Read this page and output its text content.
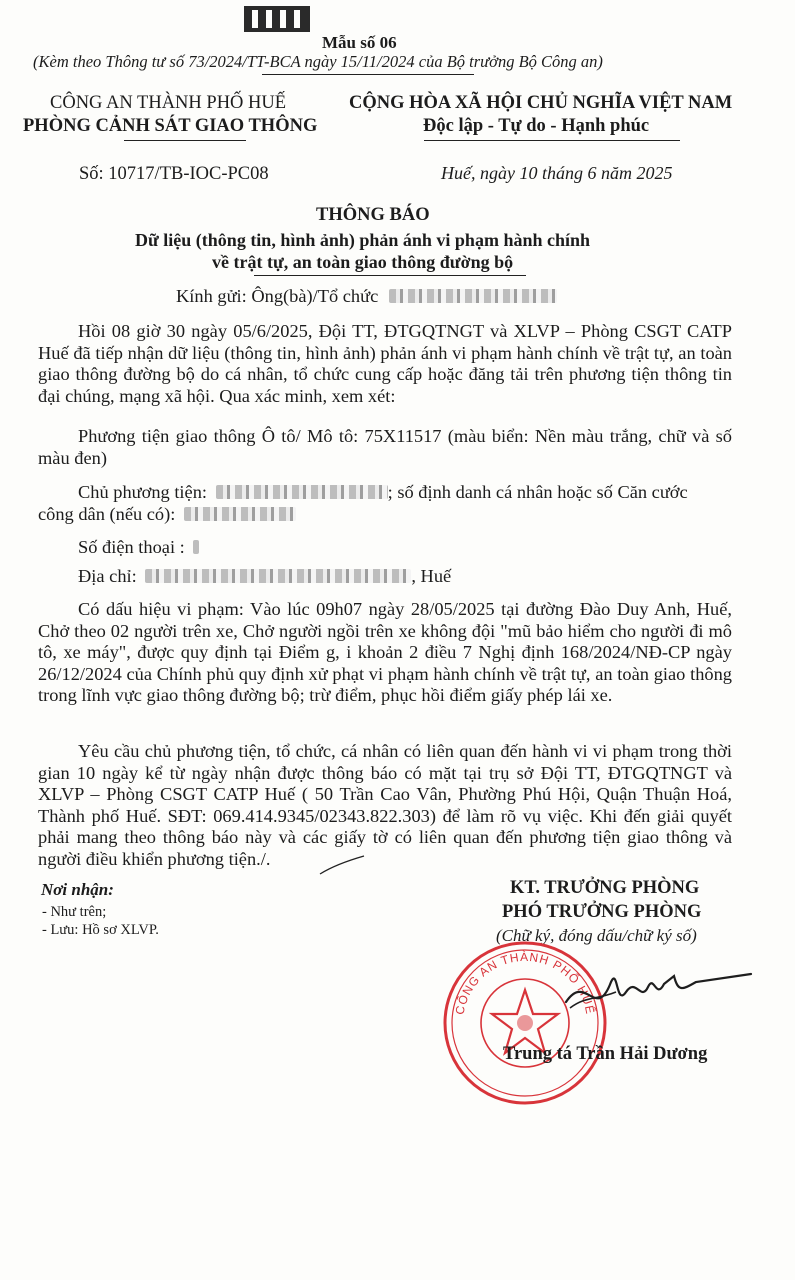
Mẫu số 06
(Kèm theo Thông tư số 73/2024/TT-BCA ngày 15/11/2024 của Bộ trưởng Bộ Công an)
CÔNG AN THÀNH PHỐ HUẾ
PHÒNG CẢNH SÁT GIAO THÔNG
CỘNG HÒA XÃ HỘI CHỦ NGHĨA VIỆT NAM
Độc lập - Tự do - Hạnh phúc
Số: 10717/TB-IOC-PC08	Huế, ngày 10 tháng 6 năm 2025
THÔNG BÁO
Dữ liệu (thông tin, hình ảnh) phản ánh vi phạm hành chính
về trật tự, an toàn giao thông đường bộ
Kính gửi: Ông(bà)/Tổ chức
Hồi 08 giờ 30 ngày 05/6/2025, Đội TT, ĐTGQTNGT và XLVP – Phòng CSGT CATP Huế đã tiếp nhận dữ liệu (thông tin, hình ảnh) phản ánh vi phạm hành chính về trật tự, an toàn giao thông đường bộ do cá nhân, tổ chức cung cấp hoặc đăng tải trên phương tiện thông tin đại chúng, mạng xã hội. Qua xác minh, xem xét:
Phương tiện giao thông Ô tô/ Mô tô: 75X11517 (màu biển: Nền màu trắng, chữ và số màu đen)
Chủ phương tiện:	; số định danh cá nhân hoặc số Căn cước
công dân (nếu có):
Số điện thoại :
Địa chỉ:	, Huế
Có dấu hiệu vi phạm: Vào lúc 09h07 ngày 28/05/2025 tại đường Đào Duy Anh, Huế, Chở theo 02 người trên xe, Chở người ngồi trên xe không đội "mũ bảo hiểm cho người đi mô tô, xe máy", được quy định tại Điểm g, i khoản 2 điều 7 Nghị định 168/2024/NĐ-CP ngày 26/12/2024 của Chính phủ quy định xử phạt vi phạm hành chính về trật tự, an toàn giao thông trong lĩnh vực giao thông đường bộ; trừ điểm, phục hồi điểm giấy phép lái xe.
Yêu cầu chủ phương tiện, tổ chức, cá nhân có liên quan đến hành vi vi phạm trong thời gian 10 ngày kể từ ngày nhận được thông báo có mặt tại trụ sở Đội TT, ĐTGQTNGT và XLVP – Phòng CSGT CATP Huế ( 50 Trần Cao Vân, Phường Phú Hội, Quận Thuận Hoá, Thành phố Huế. SĐT: 069.414.9345/02343.822.303) để làm rõ vụ việc. Khi đến giải quyết phải mang theo thông báo này và các giấy tờ có liên quan đến phương tiện giao thông và người điều khiển phương tiện./.
Nơi nhận:
- Như trên;
- Lưu: Hồ sơ XLVP.
KT. TRƯỞNG PHÒNG
PHÓ TRƯỞNG PHÒNG
(Chữ ký, đóng dấu/chữ ký số)
CÔNG AN THÀNH PHỐ HUẾ
Trung tá Trần Hải Dương
